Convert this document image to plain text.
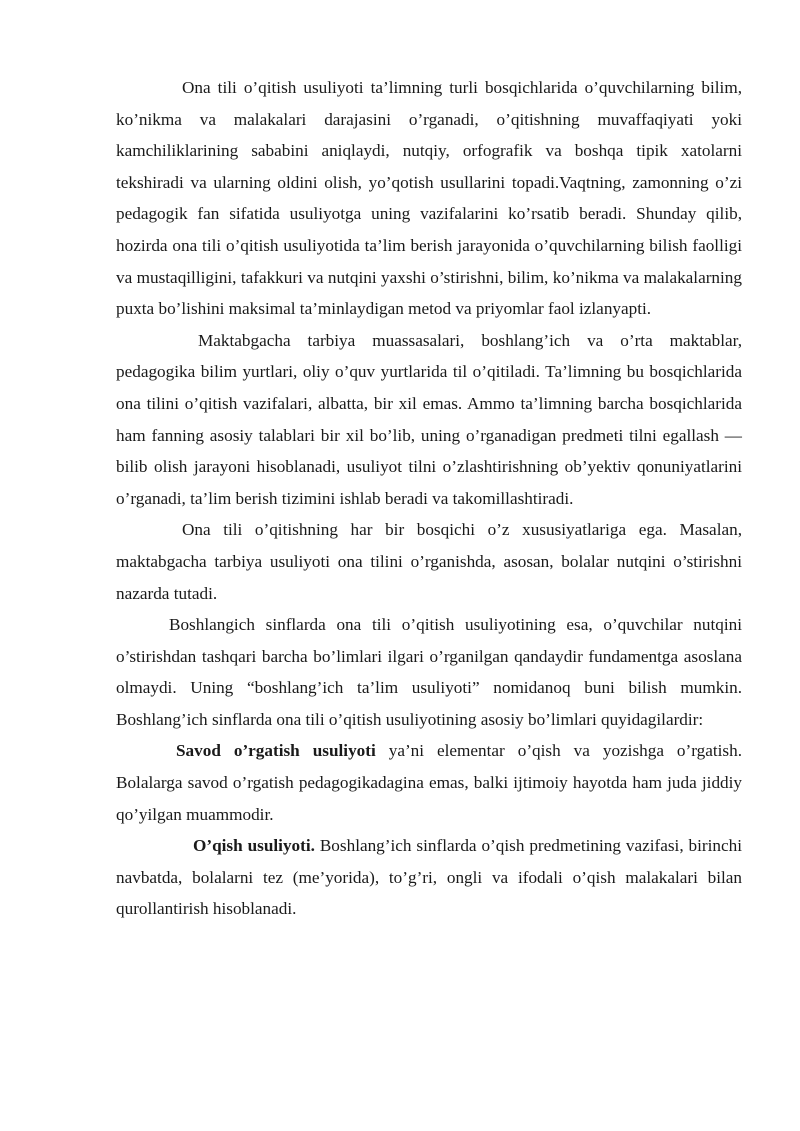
Ona tili o’qitish usuliyoti ta’limning turli bosqichlarida o’quvchilarning bilim, ko’nikma va malakalari darajasini o’rganadi, o’qitishning muvaffaqiyati yoki kamchiliklarining sababini aniqlaydi, nutqiy, orfografik va boshqa tipik xatolarni tekshiradi va ularning oldini olish, yo’qotish usullarini topadi.Vaqtning, zamonning o’zi pedagogik fan sifatida usuliyotga uning vazifalarini ko’rsatib beradi. Shunday qilib, hozirda ona tili o’qitish usuliyotida ta’lim berish jarayonida o’quvchilarning bilish faolligi va mustaqilligini, tafakkuri va nutqini yaxshi o’stirishni, bilim, ko’nikma va malakalarning puxta bo’lishini maksimal ta’minlaydigan metod va priyomlar faol izlanyapti.

Maktabgacha tarbiya muassasalari, boshlang’ich va o’rta maktablar, pedagogika bilim yurtlari, oliy o’quv yurtlarida til o’qitiladi. Ta’limning bu bosqichlarida ona tilini o’qitish vazifalari, albatta, bir xil emas. Ammo ta’limning barcha bosqichlarida ham fanning asosiy talablari bir xil bo’lib, uning o’rganadigan predmeti tilni egallash — bilib olish jarayoni hisoblanadi, usuliyot tilni o’zlashtirishning ob’yektiv qonuniyatlarini o’rganadi, ta’lim berish tizimini ishlab beradi va takomillashtiradi.

Ona tili o’qitishning har bir bosqichi o’z xususiyatlariga ega. Masalan, maktabgacha tarbiya usuliyoti ona tilini o’rganishda, asosan, bolalar nutqini o’stirishni nazarda tutadi.

Boshlangich sinflarda ona tili o’qitish usuliyotining esa, o’quvchilar nutqini o’stirishdan tashqari barcha bo’limlari ilgari o’rganilgan qandaydir fundamentga asoslana olmaydi. Uning “boshlang’ich ta’lim usuliyoti” nomidanoq buni bilish mumkin. Boshlang’ich sinflarda ona tili o’qitish usuliyotining asosiy bo’limlari quyidagilardir:

Savod o’rgatish usuliyoti ya’ni elementar o’qish va yozishga o’rgatish. Bolalarga savod o’rgatish pedagogikadagina emas, balki ijtimoiy hayotda ham juda jiddiy qo’yilgan muammodir.

O’qish usuliyoti. Boshlang’ich sinflarda o’qish predmetining vazifasi, birinchi navbatda, bolalarni tez (me’yorida), to’g’ri, ongli va ifodali o’qish malakalari bilan qurollantirish hisoblanadi.
